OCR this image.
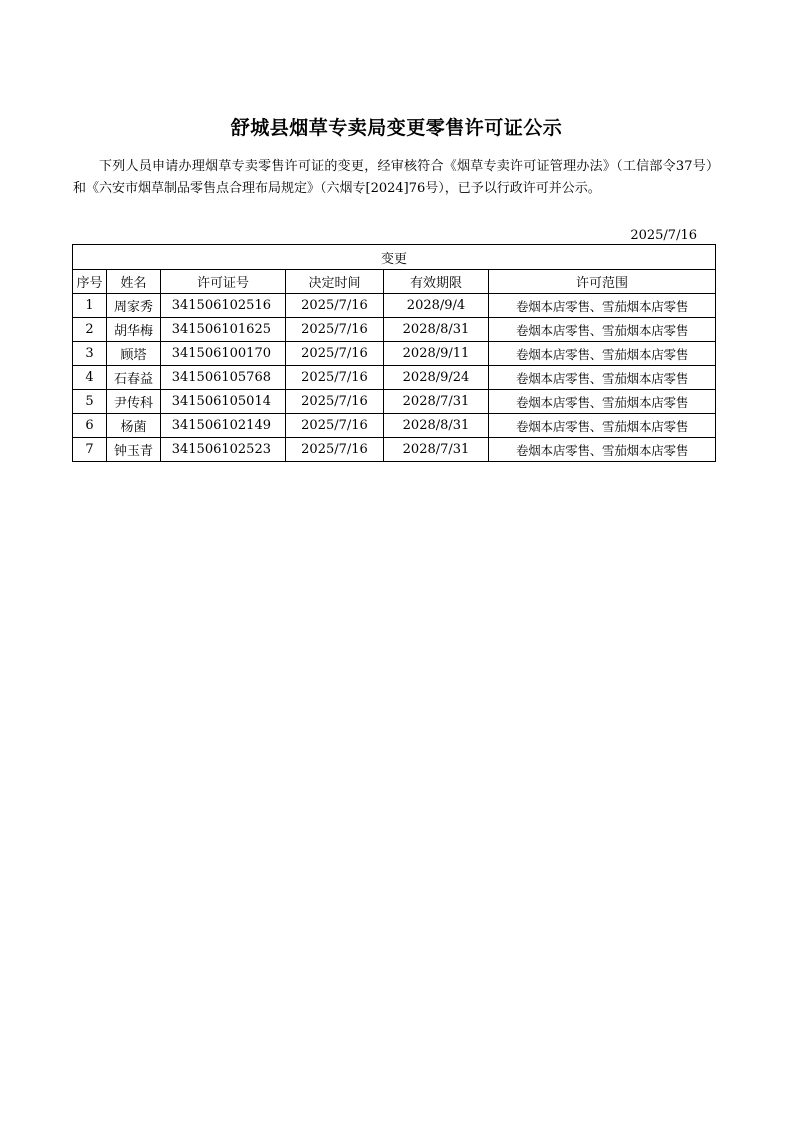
舒城县烟草专卖局变更零售许可证公示
下列人员申请办理烟草专卖零售许可证的变更，经审核符合《烟草专卖许可证管理办法》（工信部令37号）和《六安市烟草制品零售点合理布局规定》（六烟专[2024]76号），已予以行政许可并公示。
2025/7/16
变更					
序号	姓名	许可证号	决定时间	有效期限	许可范围
1	周家秀	341506102516	2025/7/16	2028/9/4	卷烟本店零售、雪茄烟本店零售
2	胡华梅	341506101625	2025/7/16	2028/8/31	卷烟本店零售、雪茄烟本店零售
3	顾塔	341506100170	2025/7/16	2028/9/11	卷烟本店零售、雪茄烟本店零售
4	石春益	341506105768	2025/7/16	2028/9/24	卷烟本店零售、雪茄烟本店零售
5	尹传科	341506105014	2025/7/16	2028/7/31	卷烟本店零售、雪茄烟本店零售
6	杨菌	341506102149	2025/7/16	2028/8/31	卷烟本店零售、雪茄烟本店零售
7	钟玉青	341506102523	2025/7/16	2028/7/31	卷烟本店零售、雪茄烟本店零售
